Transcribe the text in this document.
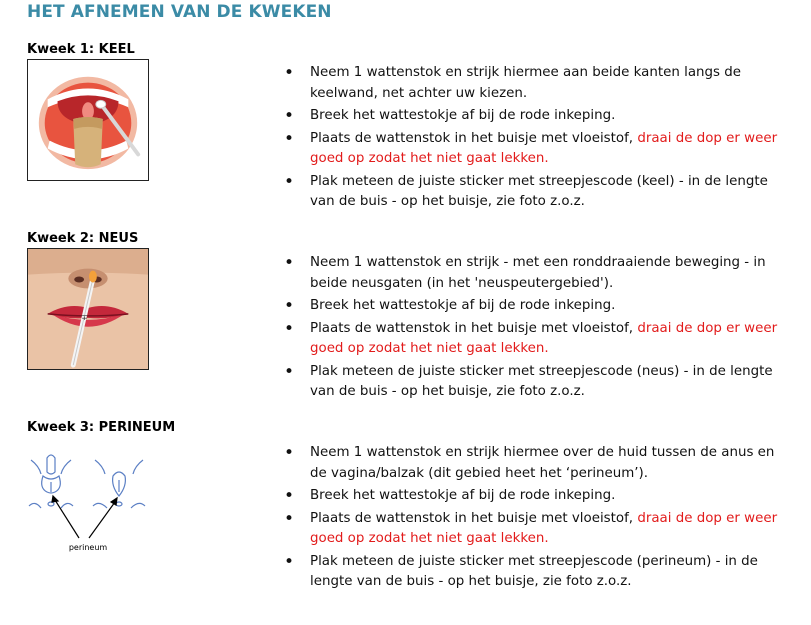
HET AFNEMEN VAN DE KWEKEN
Kweek 1: KEEL
• Neem 1 wattenstok en strijk hiermee aan beide kanten langs de keelwand, net achter uw kiezen.
• Breek het wattestokje af bij de rode inkeping.
• Plaats de wattenstok in het buisje met vloeistof, draai de dop er weer goed op zodat het niet gaat lekken.
• Plak meteen de juiste sticker met streepjescode (keel) - in de lengte van de buis - op het buisje, zie foto z.o.z.
Kweek 2: NEUS
∓
• Neem 1 wattenstok en strijk - met een ronddraaiende beweging - in beide neusgaten (in het 'neuspeutergebied').
• Breek het wattestokje af bij de rode inkeping.
• Plaats de wattenstok in het buisje met vloeistof, draai de dop er weer goed op zodat het niet gaat lekken.
• Plak meteen de juiste sticker met streepjescode (neus) - in de lengte van de buis - op het buisje, zie foto z.o.z.
Kweek 3: PERINEUM
perineum
• Neem 1 wattenstok en strijk hiermee over de huid tussen de anus en de vagina/balzak (dit gebied heet het ‘perineum’).
• Breek het wattestokje af bij de rode inkeping.
• Plaats de wattenstok in het buisje met vloeistof, draai de dop er weer goed op zodat het niet gaat lekken.
• Plak meteen de juiste sticker met streepjescode (perineum) - in de lengte van de buis - op het buisje, zie foto z.o.z.
